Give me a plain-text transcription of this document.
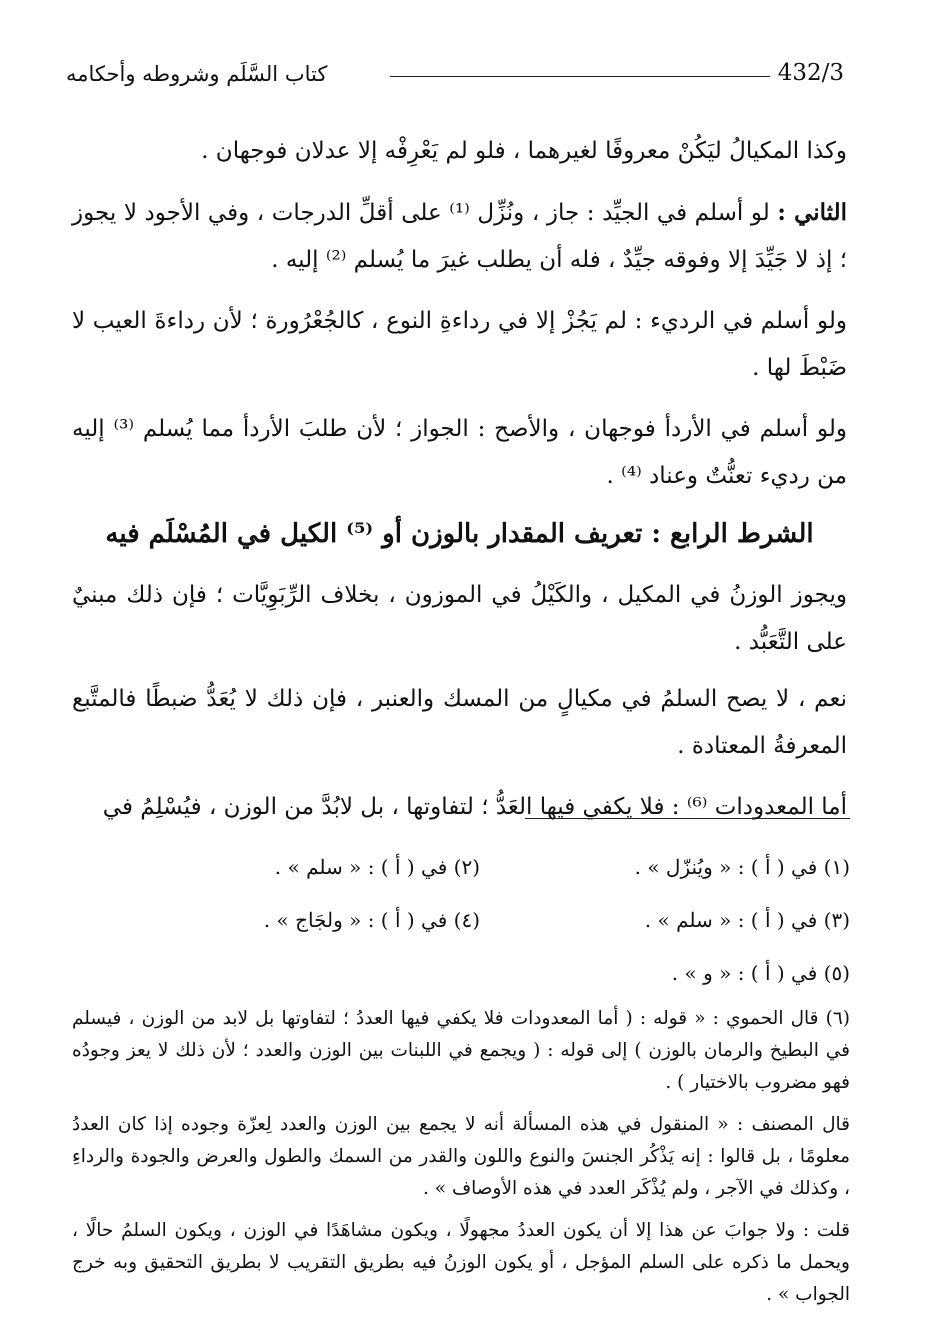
432/3
كتاب السَّلَم وشروطه وأحكامه

وكذا المكيالُ ليَكُنْ معروفًا لغيرهما ، فلو لم يَعْرِفْه إلا عدلان فوجهان .

الثاني : لو أسلم في الجيِّد : جاز ، ونُزِّل ⁽¹⁾ على أقلِّ الدرجات ، وفي الأجود لا يجوز ؛ إذ لا جَيِّدَ إلا وفوقه جيِّدٌ ، فله أن يطلب غيرَ ما يُسلم ⁽²⁾ إليه .

ولو أسلم في الرديء : لم يَجُزْ إلا في رداءةِ النوع ، كالجُعْرُورة ؛ لأن رداءةَ العيب لا ضَبْطَ لها .

ولو أسلم في الأردأ فوجهان ، والأصح : الجواز ؛ لأن طلبَ الأردأ مما يُسلم ⁽³⁾ إليه من رديء تعنُّتٌ وعناد ⁽⁴⁾ .

الشرط الرابع : تعريف المقدار بالوزن أو ⁽⁵⁾ الكيل في المُسْلَم فيه

ويجوز الوزنُ في المكيل ، والكَيْلُ في الموزون ، بخلاف الرِّبَوِيَّات ؛ فإن ذلك مبنيٌ على التَّعَبُّد .

نعم ، لا يصح السلمُ في مكيالٍ من المسك والعنبر ، فإن ذلك لا يُعَدُّ ضبطًا فالمتَّبع المعرفةُ المعتادة .

أما المعدودات ⁽⁶⁾ : فلا يكفي فيها العَدُّ ؛ لتفاوتها ، بل لابُدَّ من الوزن ، فيُسْلِمُ في

(١) في ( أ ) : « ويُنزّل » .
(٢) في ( أ ) : « سلم » .
(٣) في ( أ ) : « سلم » .
(٤) في ( أ ) : « ولجَاج » .
(٥) في ( أ ) : « و » .

(٦) قال الحموي : « قوله : ( أما المعدودات فلا يكفي فيها العددُ ؛ لتفاوتها بل لابد من الوزن ، فيسلم في البطيخ والرمان بالوزن ) إلى قوله : ( ويجمع في اللبنات بين الوزن والعدد ؛ لأن ذلك لا يعز وجودُه فهو مضروب بالاختيار ) .

قال المصنف : « المنقول في هذه المسألة أنه لا يجمع بين الوزن والعدد لِعزّة وجوده إذا كان العددُ معلومًا ، بل قالوا : إنه يَذْكُر الجنسَ والنوع واللون والقدر من السمك والطول والعرض والجودة والرداءِ ، وكذلك في الآجر ، ولم يُذْكَر العدد في هذه الأوصاف » .

قلت : ولا جوابَ عن هذا إلا أن يكون العددُ مجهولًا ، ويكون مشاهَدًا في الوزن ، ويكون السلمُ حالًا ، ويحمل ما ذكره على السلم المؤجل ، أو يكون الوزنُ فيه بطريق التقريب لا بطريق التحقيق وبه خرج الجواب » .
